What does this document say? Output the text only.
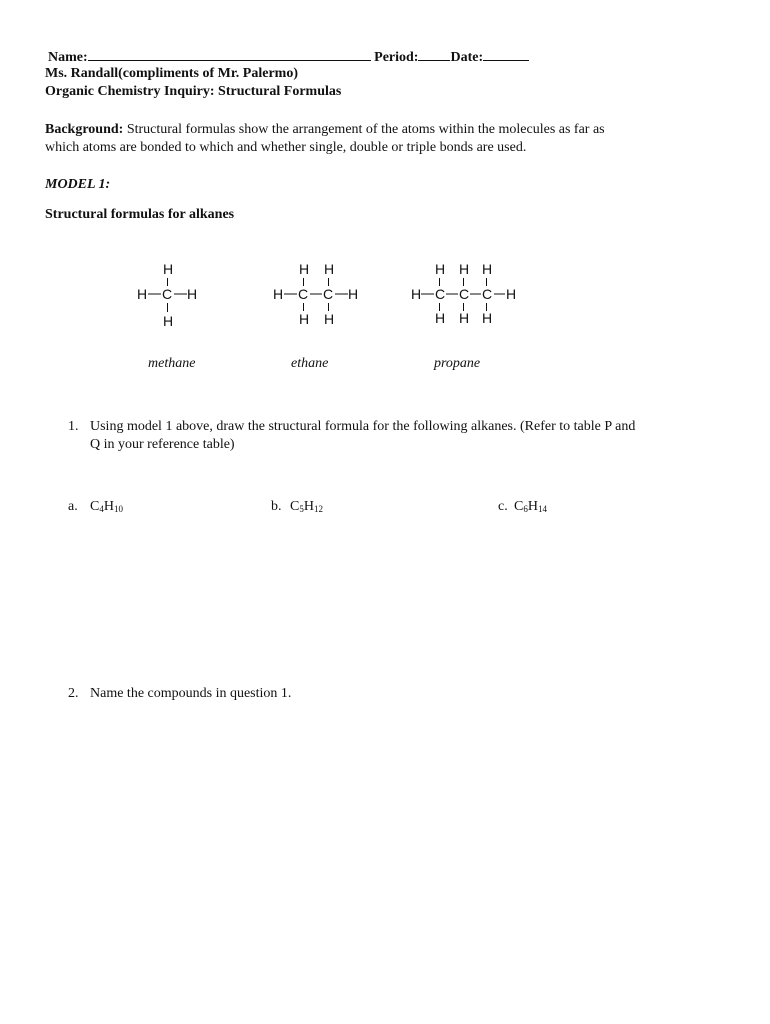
Name:	Period: Date:
Ms. Randall(compliments of Mr. Palermo)
Organic Chemistry Inquiry: Structural Formulas
Background: Structural formulas show the arrangement of the atoms within the molecules as far as
which atoms are bonded to which and whether single, double or triple bonds are used.
MODEL 1:
Structural formulas for alkanes
H
H C H
H
H H
H C C H
H H
H H H
H C C C H
H H H
methane	ethane	propane
1. Using model 1 above, draw the structural formula for the following alkanes. (Refer to table P and
Q in your reference table)
a. $C_4H_{10}$	b. $C_5H_{12}$	c. $C_6H_{14}$
2. Name the compounds in question 1.
